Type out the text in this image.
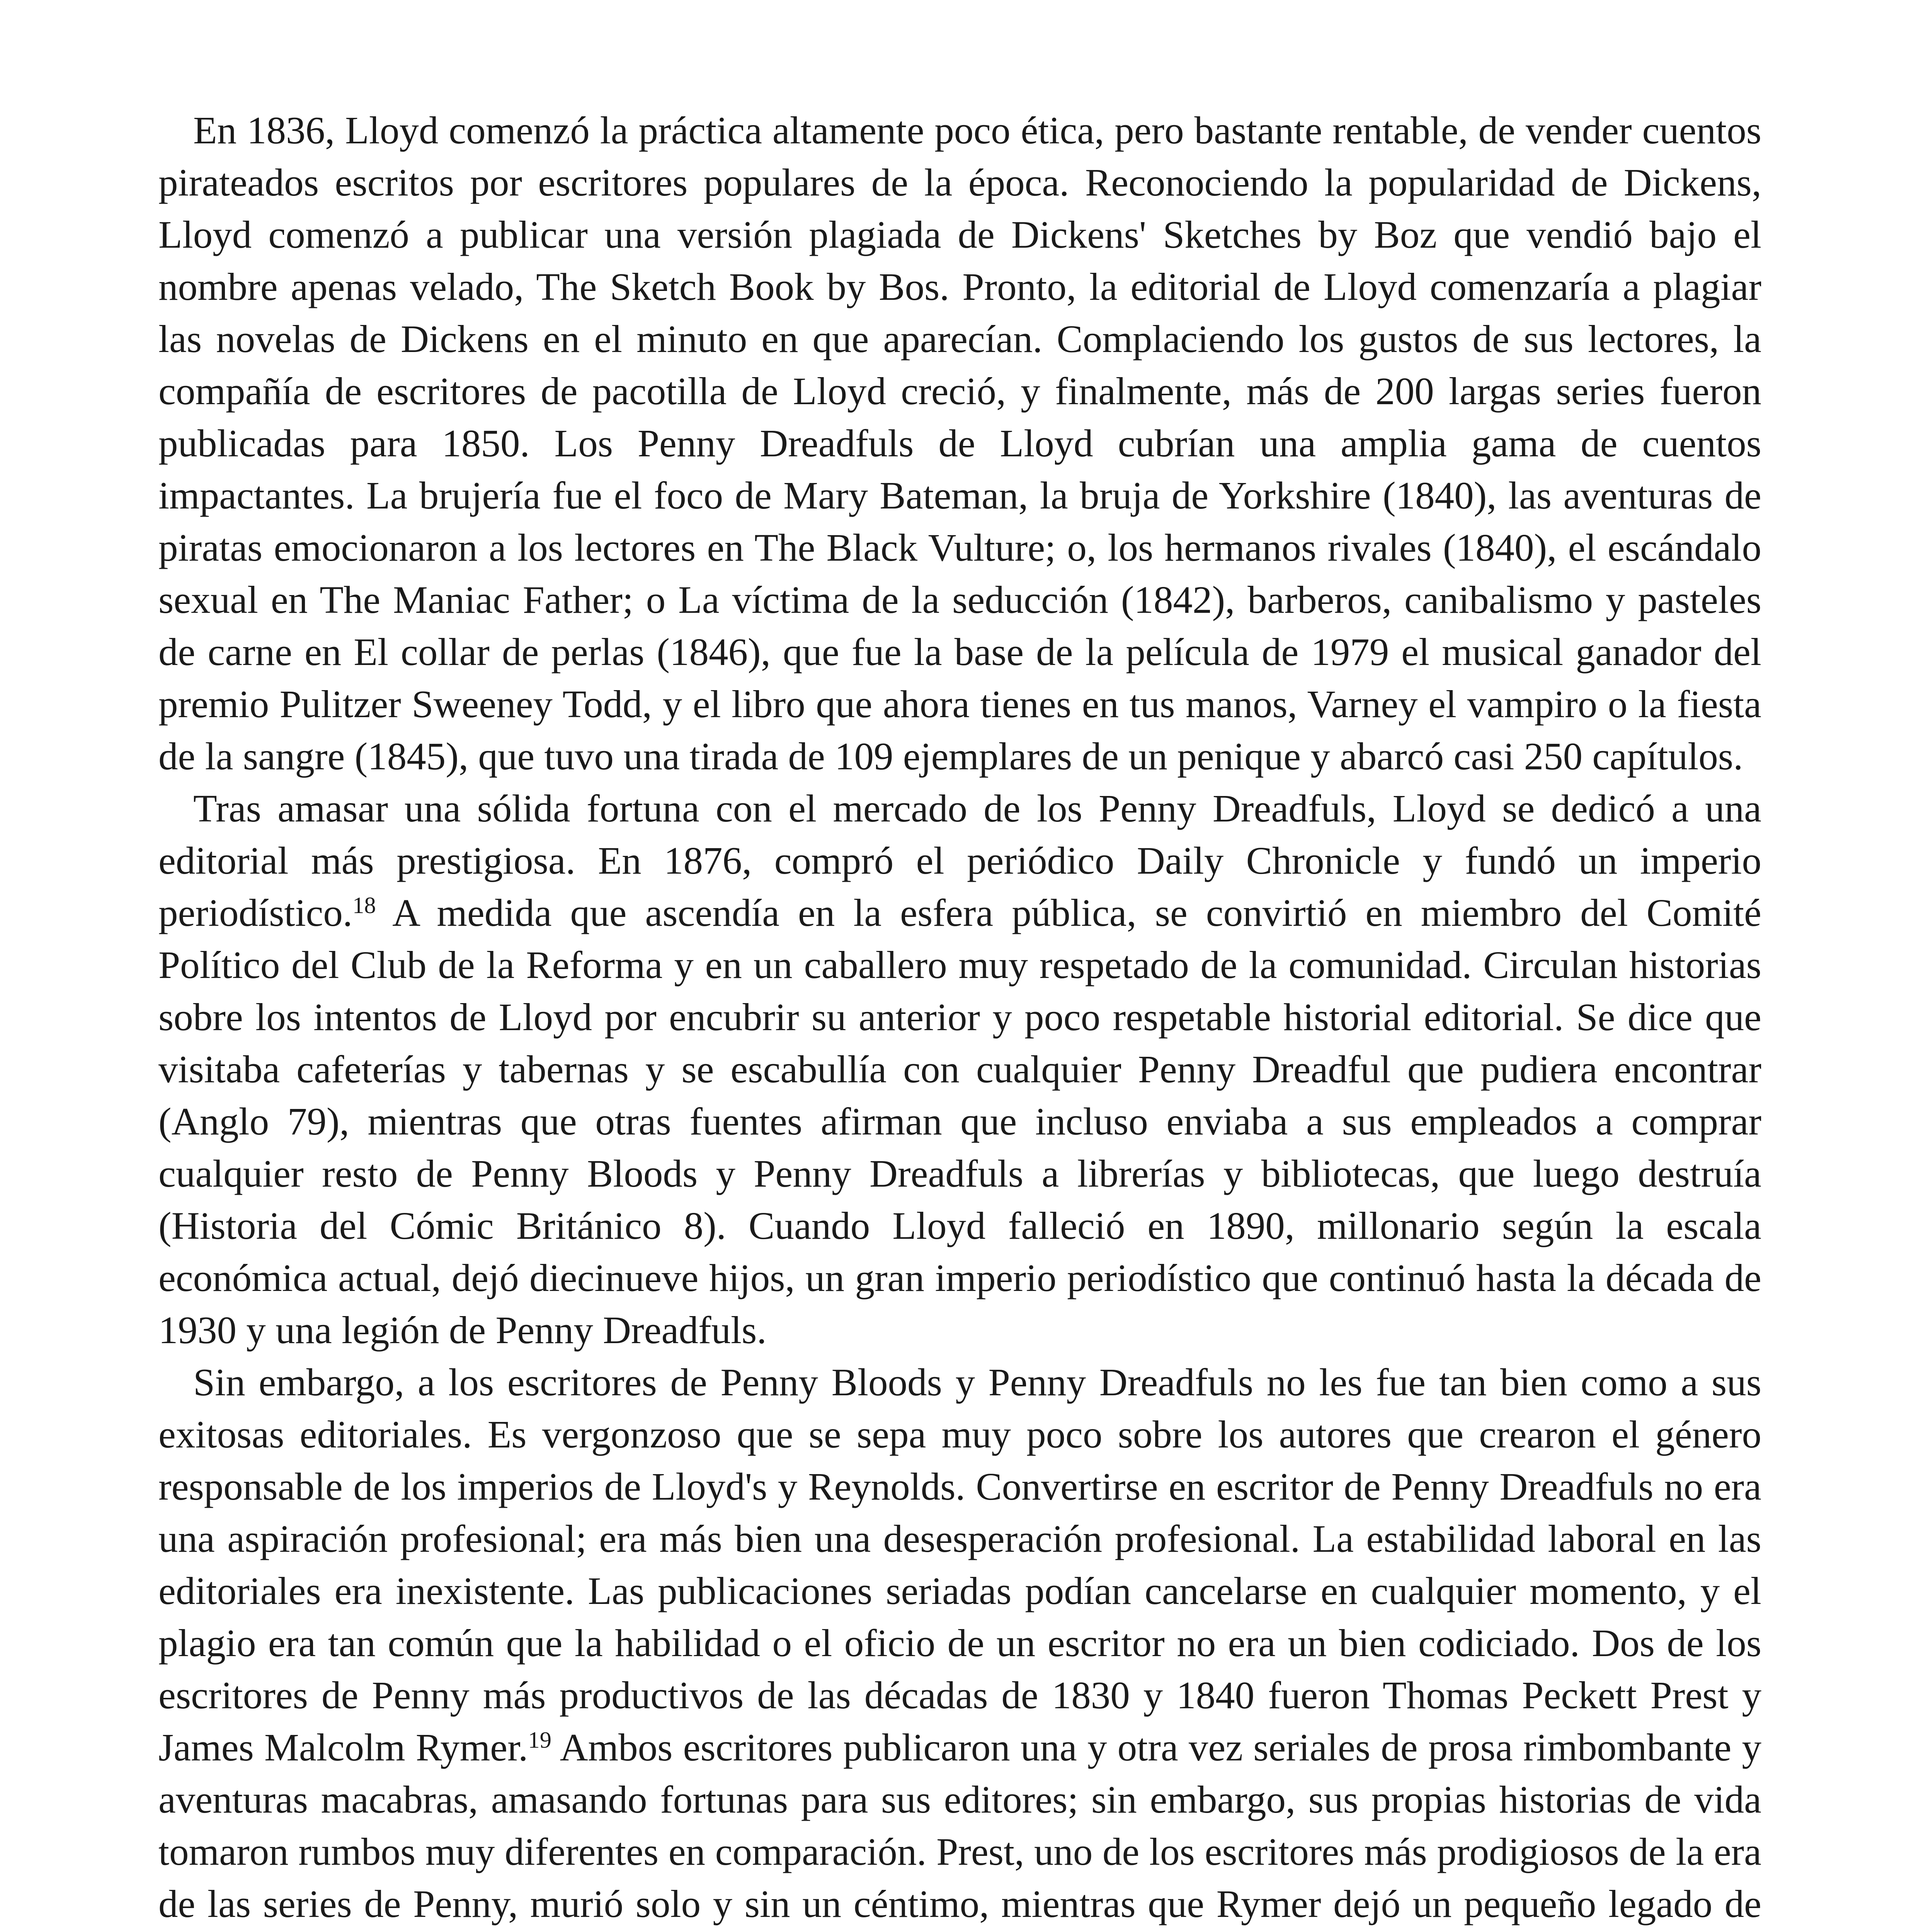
En 1836, Lloyd comenzó la práctica altamente poco ética, pero bastante rentable, de vender cuentos pirateados escritos por escritores populares de la época. Reconociendo la popularidad de Dickens, Lloyd comenzó a publicar una versión plagiada de Dickens' Sketches by Boz que vendió bajo el nombre apenas velado, The Sketch Book by Bos. Pronto, la editorial de Lloyd comenzaría a plagiar las novelas de Dickens en el minuto en que aparecían. Complaciendo los gustos de sus lectores, la compañía de escritores de pacotilla de Lloyd creció, y finalmente, más de 200 largas series fueron publicadas para 1850. Los Penny Dreadfuls de Lloyd cubrían una amplia gama de cuentos impactantes. La brujería fue el foco de Mary Bateman, la bruja de Yorkshire (1840), las aventuras de piratas emocionaron a los lectores en The Black Vulture; o, los hermanos rivales (1840), el escándalo sexual en The Maniac Father; o La víctima de la seducción (1842), barberos, canibalismo y pasteles de carne en El collar de perlas (1846), que fue la base de la película de 1979 el musical ganador del premio Pulitzer Sweeney Todd, y el libro que ahora tienes en tus manos, Varney el vampiro o la fiesta de la sangre (1845), que tuvo una tirada de 109 ejemplares de un penique y abarcó casi 250 capítulos.

Tras amasar una sólida fortuna con el mercado de los Penny Dreadfuls, Lloyd se dedicó a una editorial más prestigiosa. En 1876, compró el periódico Daily Chronicle y fundó un imperio periodístico.$^{18}$ A medida que ascendía en la esfera pública, se convirtió en miembro del Comité Político del Club de la Reforma y en un caballero muy respetado de la comunidad. Circulan historias sobre los intentos de Lloyd por encubrir su anterior y poco respetable historial editorial. Se dice que visitaba cafeterías y tabernas y se escabullía con cualquier Penny Dreadful que pudiera encontrar (Anglo 79), mientras que otras fuentes afirman que incluso enviaba a sus empleados a comprar cualquier resto de Penny Bloods y Penny Dreadfuls a librerías y bibliotecas, que luego destruía (Historia del Cómic Británico 8). Cuando Lloyd falleció en 1890, millonario según la escala económica actual, dejó diecinueve hijos, un gran imperio periodístico que continuó hasta la década de 1930 y una legión de Penny Dreadfuls.

Sin embargo, a los escritores de Penny Bloods y Penny Dreadfuls no les fue tan bien como a sus exitosas editoriales. Es vergonzoso que se sepa muy poco sobre los autores que crearon el género responsable de los imperios de Lloyd's y Reynolds. Convertirse en escritor de Penny Dreadfuls no era una aspiración profesional; era más bien una desesperación profesional. La estabilidad laboral en las editoriales era inexistente. Las publicaciones seriadas podían cancelarse en cualquier momento, y el plagio era tan común que la habilidad o el oficio de un escritor no era un bien codiciado. Dos de los escritores de Penny más productivos de las décadas de 1830 y 1840 fueron Thomas Peckett Prest y James Malcolm Rymer.$^{19}$ Ambos escritores publicaron una y otra vez seriales de prosa rimbombante y aventuras macabras, amasando fortunas para sus editores; sin embargo, sus propias historias de vida tomaron rumbos muy diferentes en comparación. Prest, uno de los escritores más prodigiosos de la era de las series de Penny, murió solo y sin un céntimo, mientras que Rymer dejó un pequeño legado de
